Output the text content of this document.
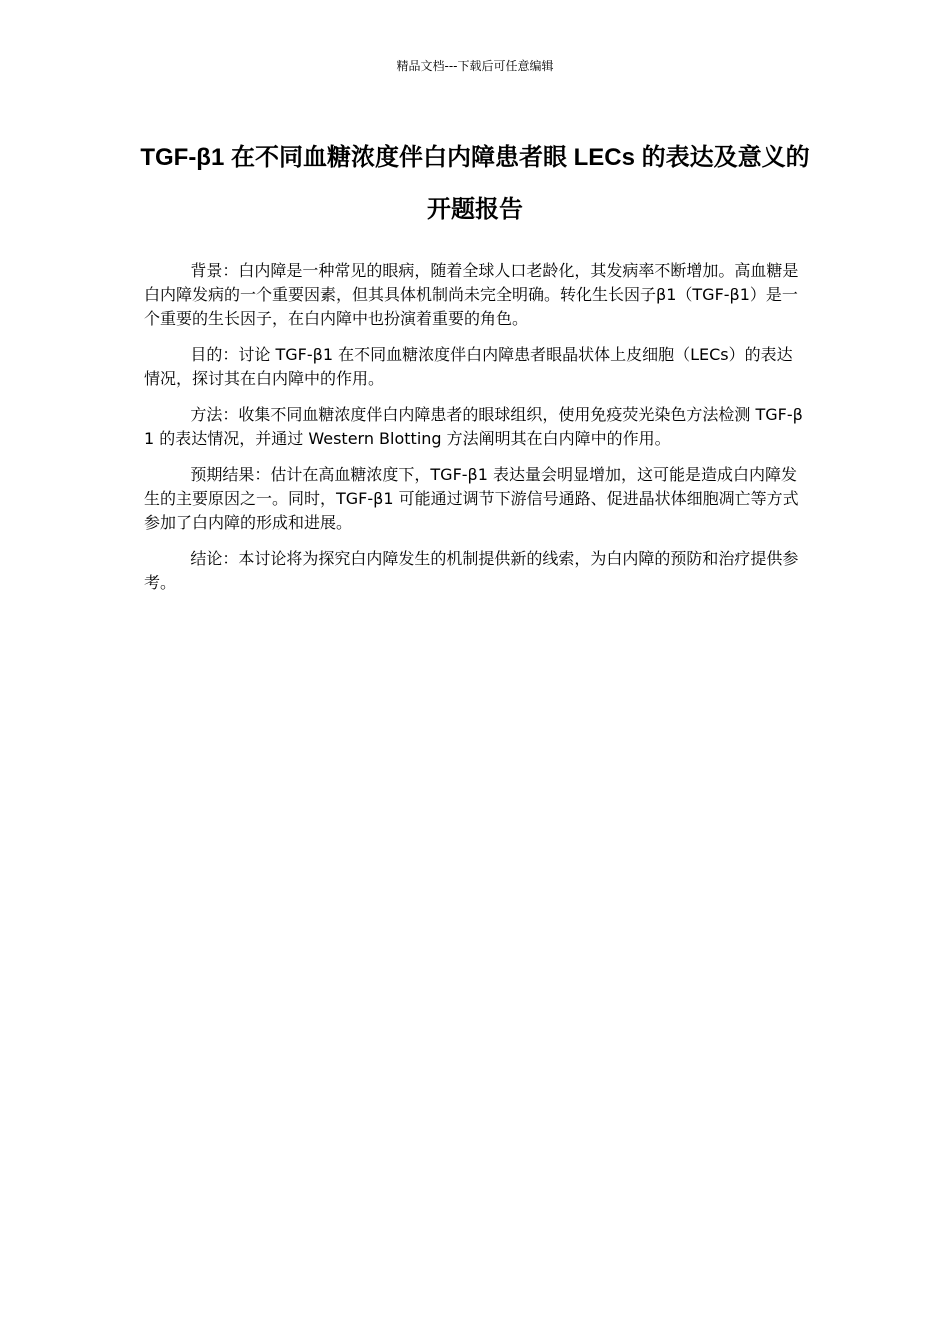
精品文档---下载后可任意编辑
TGF-β1 在不同血糖浓度伴白内障患者眼 LECs 的表达及意义的开题报告

背景：白内障是一种常见的眼病，随着全球人口老龄化，其发病率不断增加。高血糖是白内障发病的一个重要因素，但其具体机制尚未完全明确。转化生长因子β1（TGF-β1）是一个重要的生长因子，在白内障中也扮演着重要的角色。

目的：讨论 TGF-β1 在不同血糖浓度伴白内障患者眼晶状体上皮细胞（LECs）的表达情况，探讨其在白内障中的作用。

方法：收集不同血糖浓度伴白内障患者的眼球组织，使用免疫荧光染色方法检测 TGF-β1 的表达情况，并通过 Western Blotting 方法阐明其在白内障中的作用。

预期结果：估计在高血糖浓度下，TGF-β1 表达量会明显增加，这可能是造成白内障发生的主要原因之一。同时，TGF-β1 可能通过调节下游信号通路、促进晶状体细胞凋亡等方式参加了白内障的形成和进展。

结论：本讨论将为探究白内障发生的机制提供新的线索，为白内障的预防和治疗提供参考。
